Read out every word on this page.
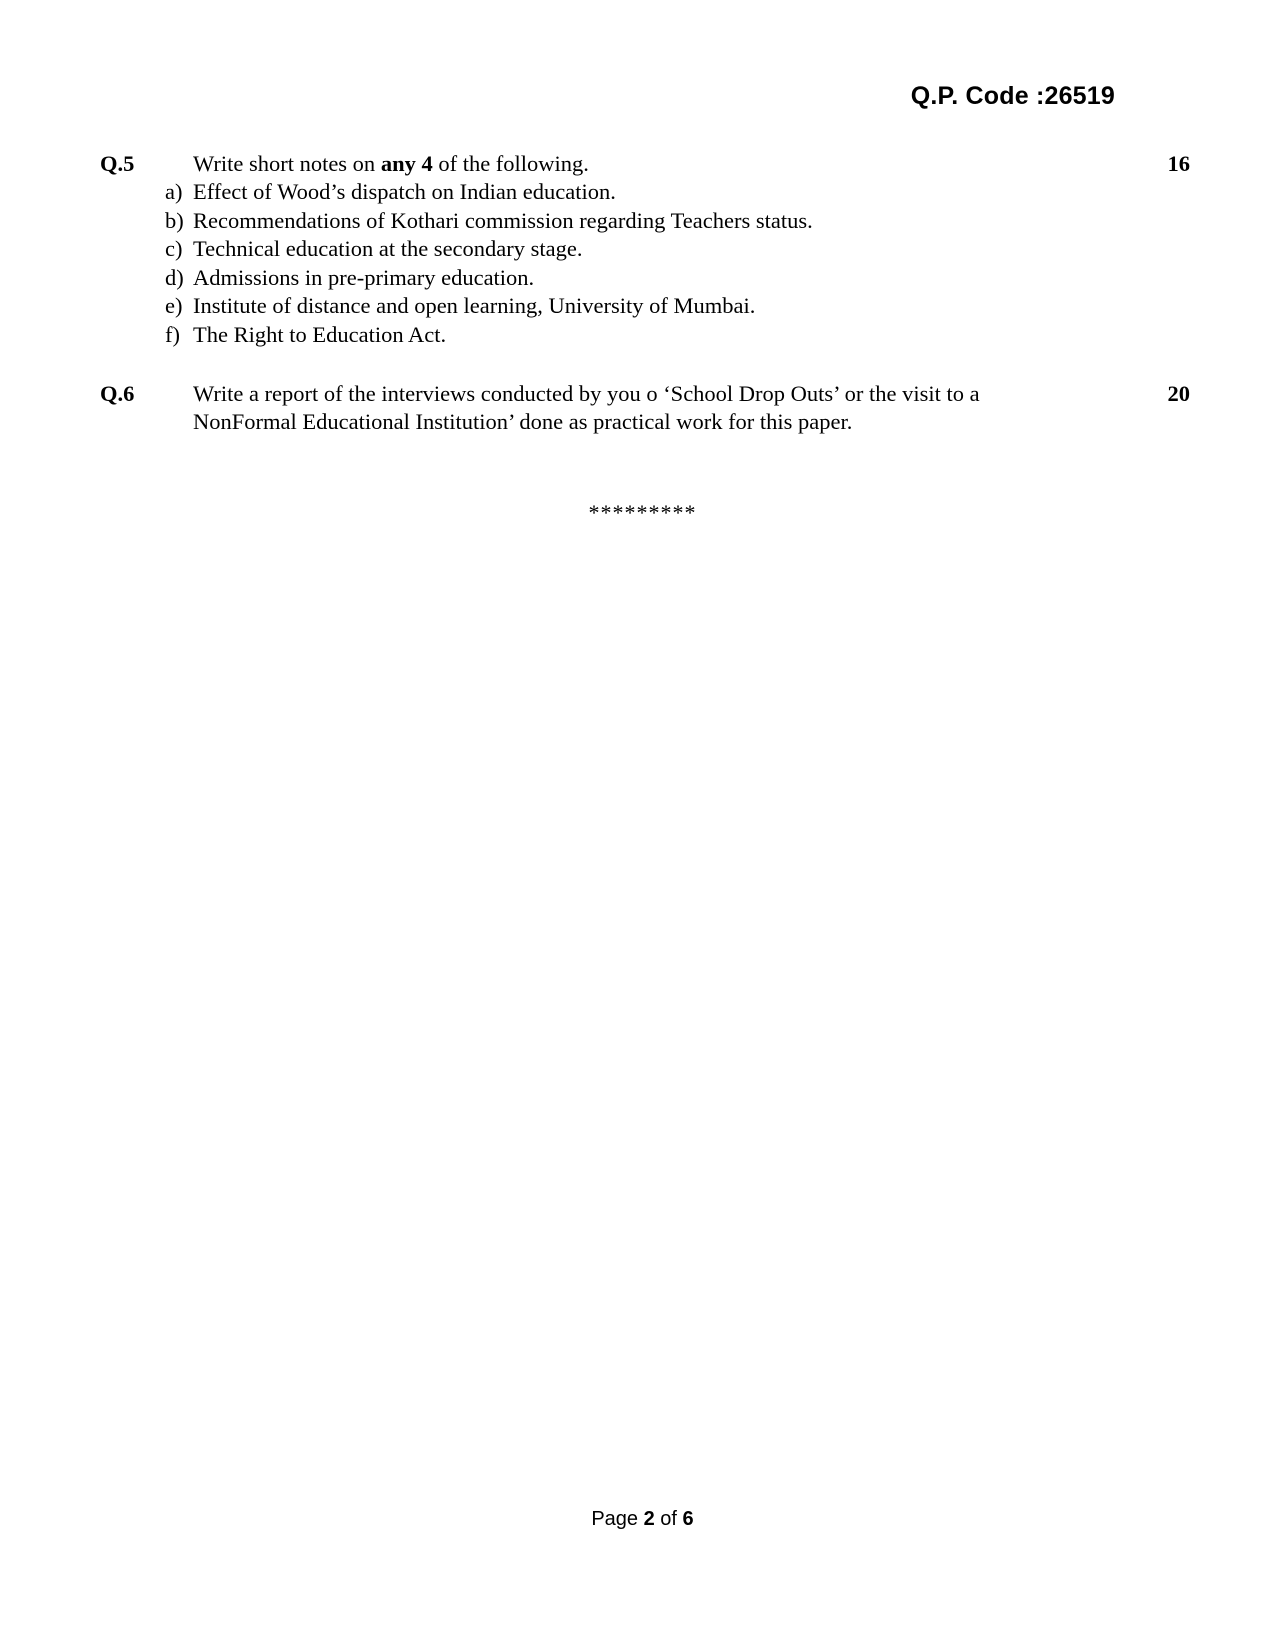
Q.P. Code :26519
Q.5	16
Write short notes on any 4 of the following.
a) Effect of Wood’s dispatch on Indian education.
b) Recommendations of Kothari commission regarding Teachers status.
c) Technical education at the secondary stage.
d) Admissions in pre-primary education.
e) Institute of distance and open learning, University of Mumbai.
f) The Right to Education Act.
Q.6	20
Write a report of the interviews conducted by you o ‘School Drop Outs’ or the visit to a NonFormal Educational Institution’ done as practical work for this paper.
*********
Page 2 of 6
